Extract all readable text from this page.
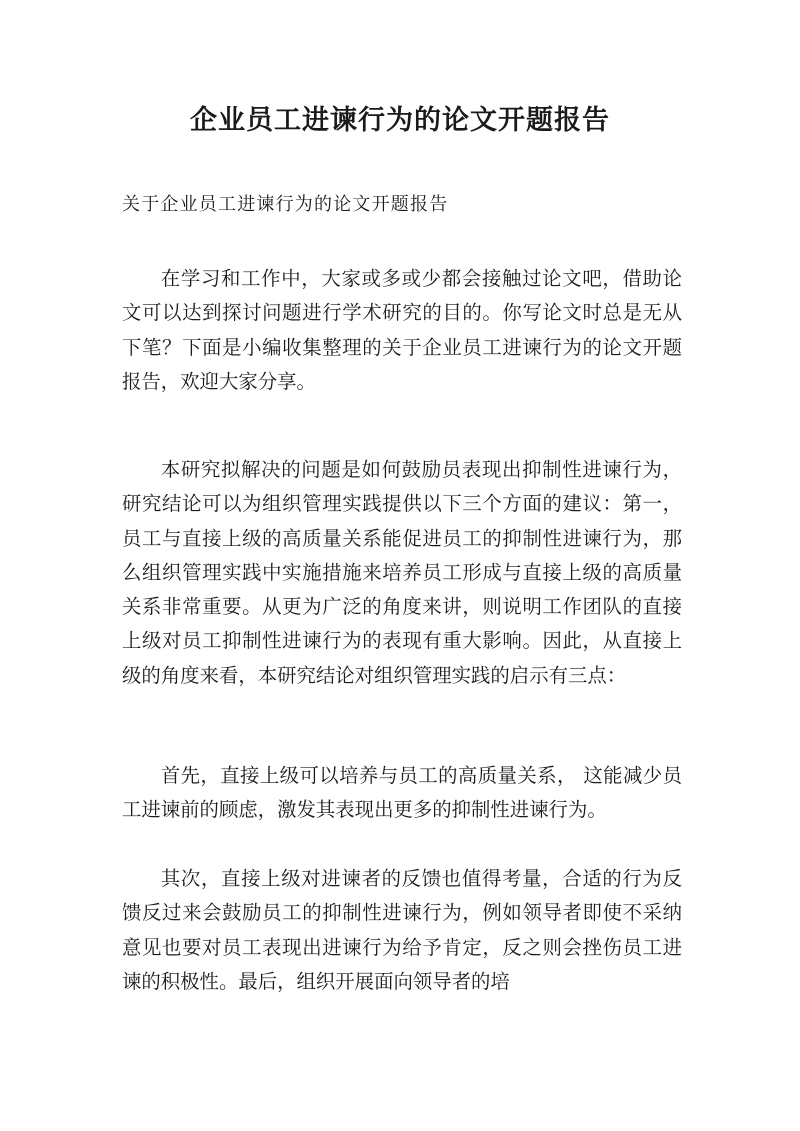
企业员工进谏行为的论文开题报告
关于企业员工进谏行为的论文开题报告

在学习和工作中，大家或多或少都会接触过论文吧，借助论文可以达到探讨问题进行学术研究的目的。你写论文时总是无从下笔？下面是小编收集整理的关于企业员工进谏行为的论文开题报告，欢迎大家分享。

本研究拟解决的问题是如何鼓励员表现出抑制性进谏行为，研究结论可以为组织管理实践提供以下三个方面的建议：第一，员工与直接上级的高质量关系能促进员工的抑制性进谏行为，那么组织管理实践中实施措施来培养员工形成与直接上级的高质量关系非常重要。从更为广泛的角度来讲，则说明工作团队的直接上级对员工抑制性进谏行为的表现有重大影响。因此，从直接上级的角度来看，本研究结论对组织管理实践的启示有三点：

首先，直接上级可以培养与员工的高质量关系， 这能减少员工进谏前的顾虑，激发其表现出更多的抑制性进谏行为。

其次，直接上级对进谏者的反馈也值得考量，合适的行为反馈反过来会鼓励员工的抑制性进谏行为，例如领导者即使不采纳意见也要对员工表现出进谏行为给予肯定，反之则会挫伤员工进谏的积极性。最后，组织开展面向领导者的培
